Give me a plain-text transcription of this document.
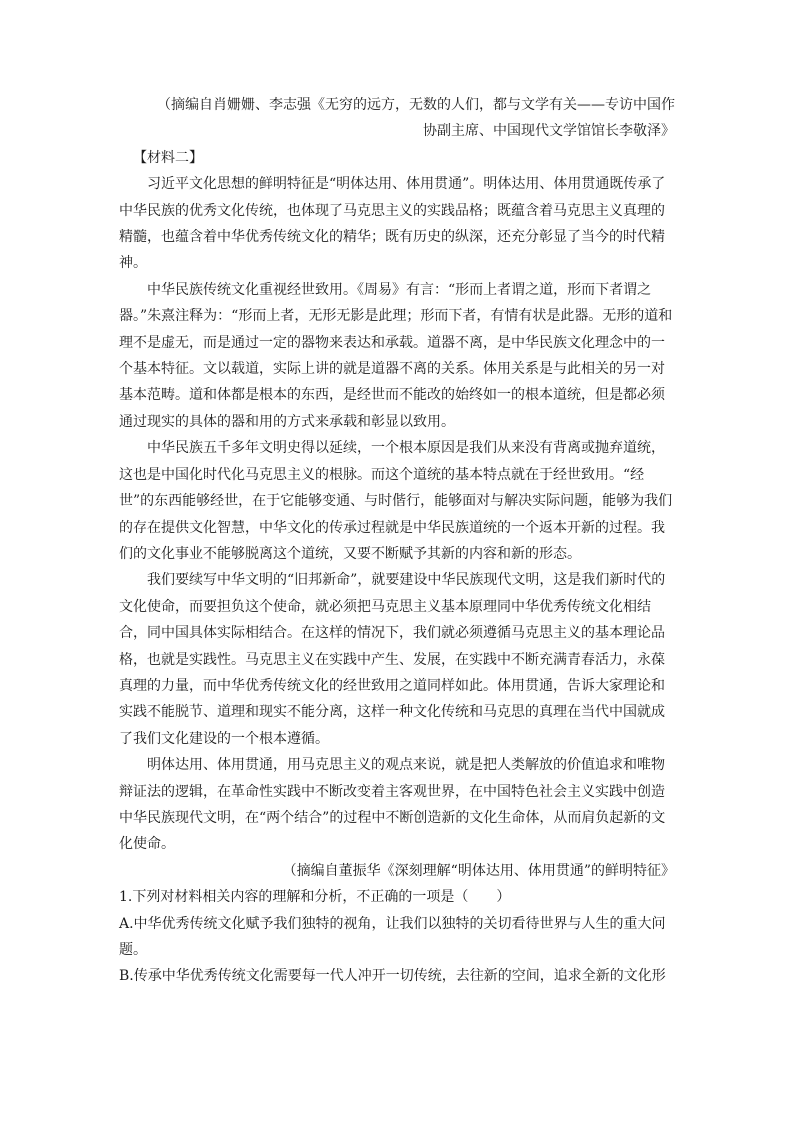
（摘编自肖姗姗、李志强《无穷的远方，无数的人们，都与文学有关——专访中国作

协副主席、中国现代文学馆馆长李敬泽》

【材料二】

习近平文化思想的鲜明特征是“明体达用、体用贯通”。明体达用、体用贯通既传承了中华民族的优秀文化传统，也体现了马克思主义的实践品格；既蕴含着马克思主义真理的精髓，也蕴含着中华优秀传统文化的精华；既有历史的纵深，还充分彰显了当今的时代精神。

中华民族传统文化重视经世致用。《周易》有言：“形而上者谓之道，形而下者谓之器。”朱熹注释为：“形而上者，无形无影是此理；形而下者，有情有状是此器。无形的道和理不是虚无，而是通过一定的器物来表达和承载。道器不离，是中华民族文化理念中的一个基本特征。文以载道，实际上讲的就是道器不离的关系。体用关系是与此相关的另一对基本范畴。道和体都是根本的东西，是经世而不能改的始终如一的根本道统，但是都必须通过现实的具体的器和用的方式来承载和彰显以致用。

中华民族五千多年文明史得以延续，一个根本原因是我们从来没有背离或抛弃道统，这也是中国化时代化马克思主义的根脉。而这个道统的基本特点就在于经世致用。“经世”的东西能够经世，在于它能够变通、与时偕行，能够面对与解决实际问题，能够为我们的存在提供文化智慧，中华文化的传承过程就是中华民族道统的一个返本开新的过程。我们的文化事业不能够脱离这个道统，又要不断赋予其新的内容和新的形态。

我们要续写中华文明的“旧邦新命”，就要建设中华民族现代文明，这是我们新时代的文化使命，而要担负这个使命，就必须把马克思主义基本原理同中华优秀传统文化相结合，同中国具体实际相结合。在这样的情况下，我们就必须遵循马克思主义的基本理论品格，也就是实践性。马克思主义在实践中产生、发展，在实践中不断充满青春活力，永葆真理的力量，而中华优秀传统文化的经世致用之道同样如此。体用贯通，告诉大家理论和实践不能脱节、道理和现实不能分离，这样一种文化传统和马克思的真理在当代中国就成了我们文化建设的一个根本遵循。

明体达用、体用贯通，用马克思主义的观点来说，就是把人类解放的价值追求和唯物辩证法的逻辑，在革命性实践中不断改变着主客观世界，在中国特色社会主义实践中创造中华民族现代文明，在“两个结合”的过程中不断创造新的文化生命体，从而肩负起新的文化使命。

（摘编自董振华《深刻理解“明体达用、体用贯通”的鲜明特征》

1.下列对材料相关内容的理解和分析，不正确的一项是（　　）

A.中华优秀传统文化赋予我们独特的视角，让我们以独特的关切看待世界与人生的重大问题。

B.传承中华优秀传统文化需要每一代人冲开一切传统，去往新的空间，追求全新的文化形
